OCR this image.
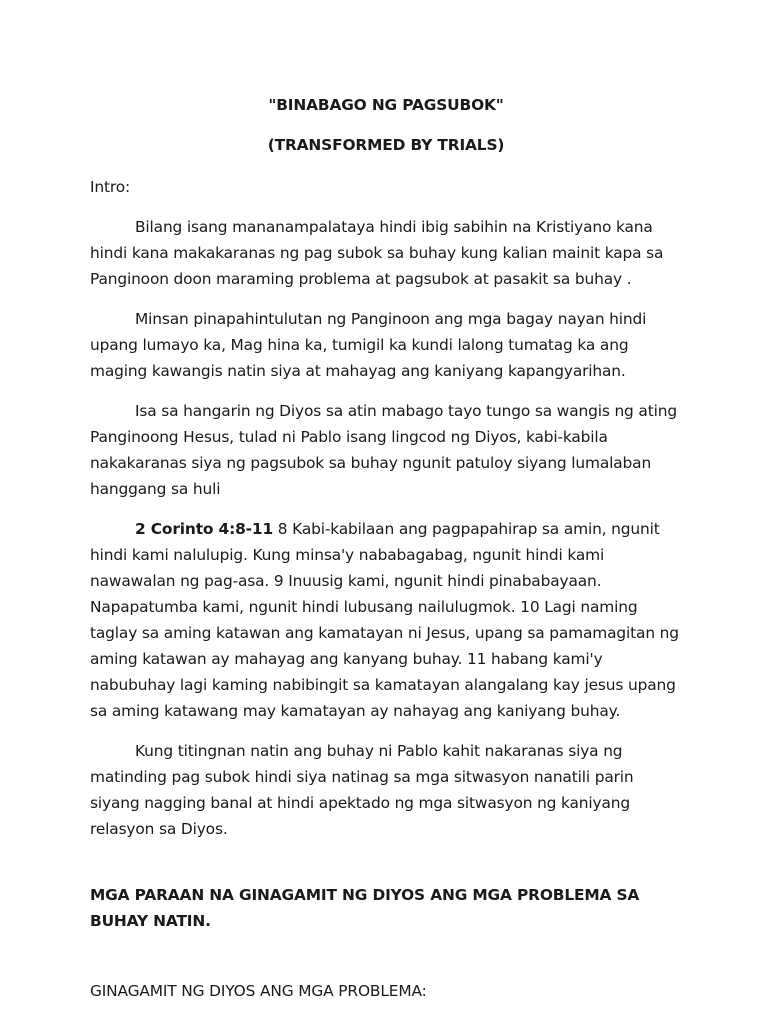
"BINABAGO NG PAGSUBOK"

(TRANSFORMED BY TRIALS)

Intro:

Bilang isang mananampalataya hindi ibig sabihin na Kristiyano kana hindi kana makakaranas ng pag subok sa buhay kung kalian mainit kapa sa Panginoon doon maraming problema at pagsubok at pasakit sa buhay .

Minsan pinapahintulutan ng Panginoon ang mga bagay nayan hindi upang lumayo ka, Mag hina ka, tumigil ka kundi lalong tumatag ka ang maging kawangis natin siya at mahayag ang kaniyang kapangyarihan.

Isa sa hangarin ng Diyos sa atin mabago tayo tungo sa wangis ng ating Panginoong Hesus, tulad ni Pablo isang lingcod ng Diyos, kabi-kabila nakakaranas siya ng pagsubok sa buhay ngunit patuloy siyang lumalaban hanggang sa huli

2 Corinto 4:8-11 8 Kabi-kabilaan ang pagpapahirap sa amin, ngunit hindi kami nalulupig. Kung minsa'y nababagabag, ngunit hindi kami nawawalan ng pag-asa. 9 Inuusig kami, ngunit hindi pinababayaan. Napapatumba kami, ngunit hindi lubusang nailulugmok. 10 Lagi naming taglay sa aming katawan ang kamatayan ni Jesus, upang sa pamamagitan ng aming katawan ay mahayag ang kanyang buhay. 11 habang kami'y nabubuhay lagi kaming nabibingit sa kamatayan alangalang kay jesus upang sa aming katawang may kamatayan ay nahayag ang kaniyang buhay.

Kung titingnan natin ang buhay ni Pablo kahit nakaranas siya ng matinding pag subok hindi siya natinag sa mga sitwasyon nanatili parin siyang nagging banal at hindi apektado ng mga sitwasyon ng kaniyang relasyon sa Diyos.

MGA PARAAN NA GINAGAMIT NG DIYOS ANG MGA PROBLEMA SA BUHAY NATIN.

GINAGAMIT NG DIYOS ANG MGA PROBLEMA:
